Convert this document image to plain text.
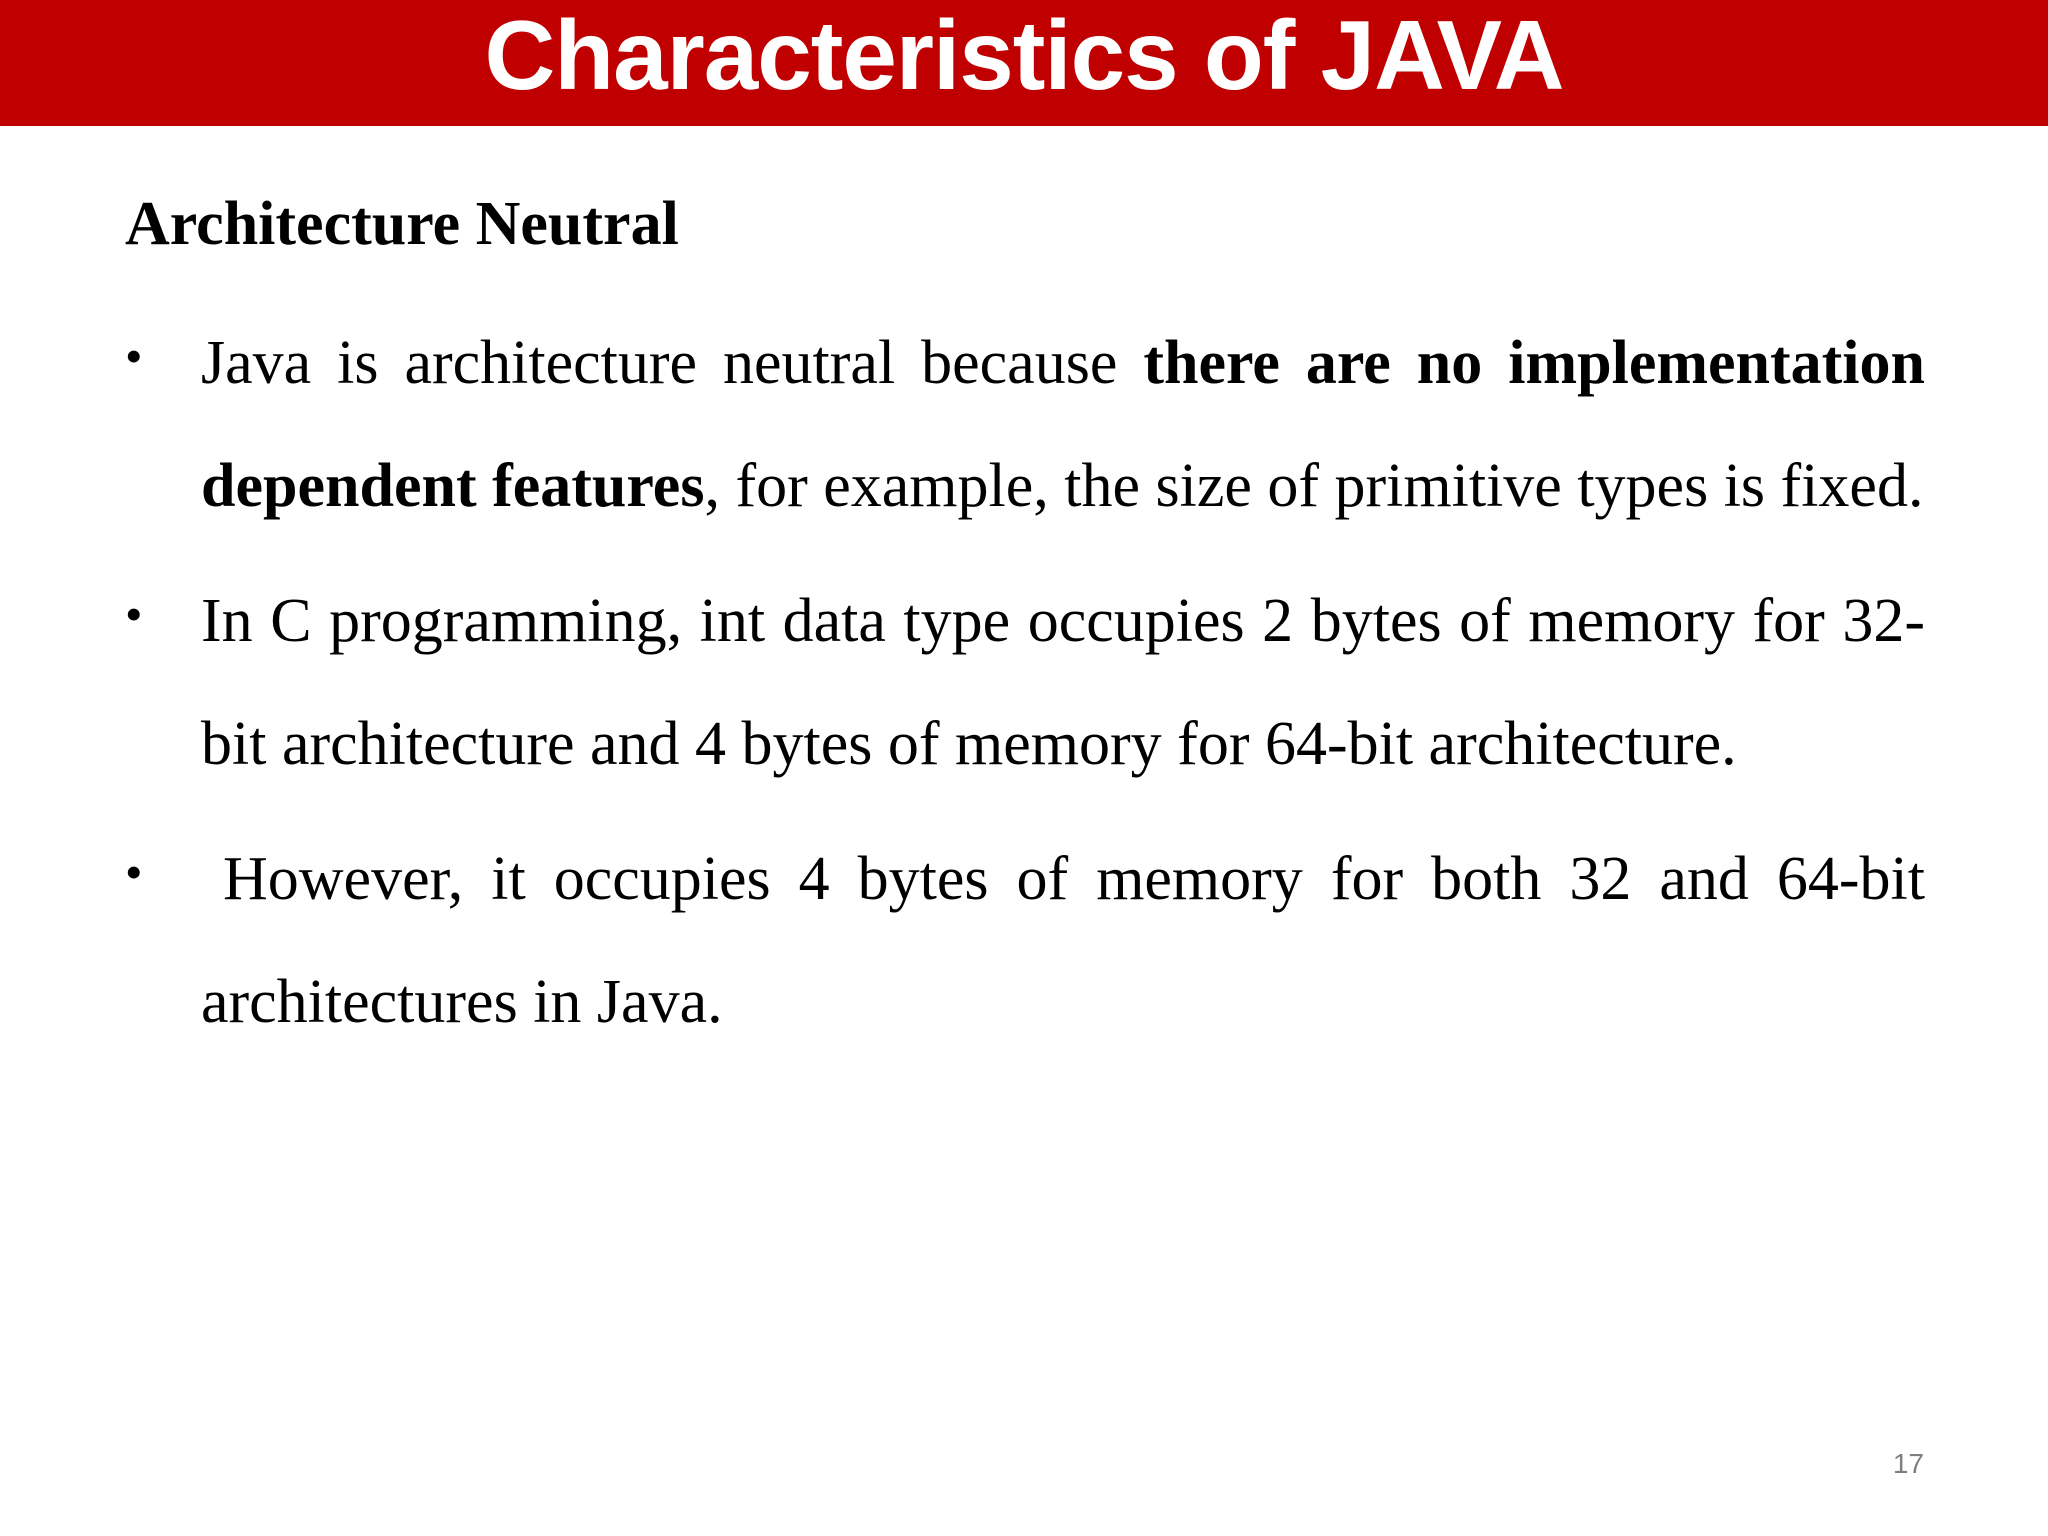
Characteristics of JAVA
Architecture Neutral
• Java is architecture neutral because there are no implementation dependent features, for example, the size of primitive types is fixed.
• In C programming, int data type occupies 2 bytes of memory for 32-bit architecture and 4 bytes of memory for 64-bit architecture.
• However, it occupies 4 bytes of memory for both 32 and 64-bit architectures in Java.
17
